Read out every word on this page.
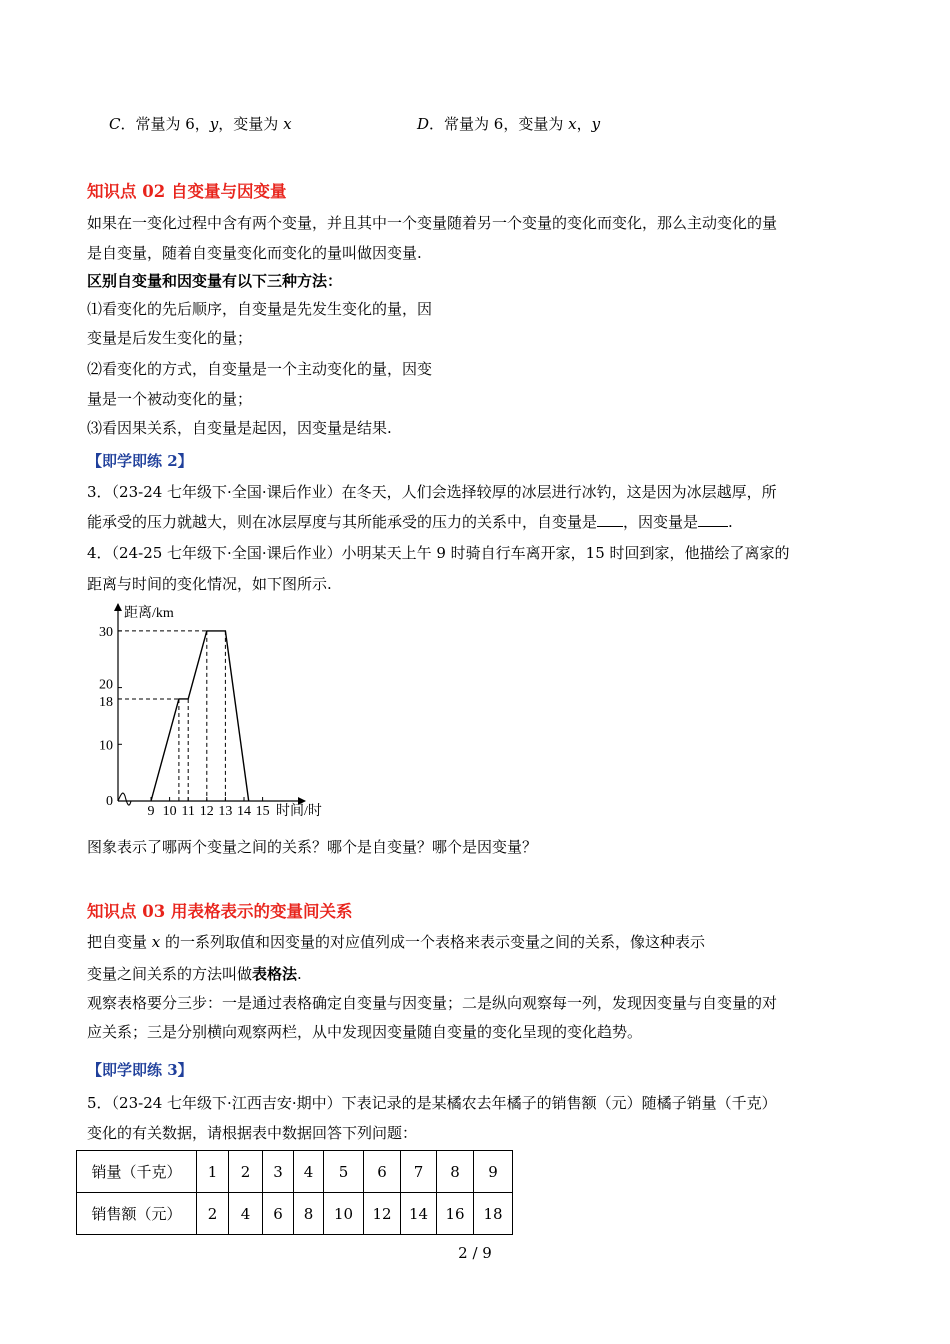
C．常量为 6，y，变量为 x	D．常量为 6，变量为 x，y
知识点 02 自变量与因变量
如果在一变化过程中含有两个变量，并且其中一个变量随着另一个变量的变化而变化，那么主动变化的量
是自变量，随着自变量变化而变化的量叫做因变量.
区别自变量和因变量有以下三种方法：
⑴看变化的先后顺序，自变量是先发生变化的量，因
变量是后发生变化的量；
⑵看变化的方式，自变量是一个主动变化的量，因变
量是一个被动变化的量；
⑶看因果关系，自变量是起因，因变量是结果.
【即学即练 2】
3．（23-24 七年级下·全国·课后作业）在冬天，人们会选择较厚的冰层进行冰钓，这是因为冰层越厚，所
能承受的压力就越大，则在冰层厚度与其所能承受的压力的关系中，自变量是 ，因变量是 .
4．（24-25 七年级下·全国·课后作业）小明某天上午 9 时骑自行车离开家，15 时回到家，他描绘了离家的
距离与时间的变化情况，如下图所示.
距离/km
时间/时
9 10 11 12 13 14 15
0
10
18
20
30
图象表示了哪两个变量之间的关系？哪个是自变量？哪个是因变量？
知识点 03 用表格表示的变量间关系
把自变量 x 的一系列取值和因变量的对应值列成一个表格来表示变量之间的关系，像这种表示
变量之间关系的方法叫做表格法.
观察表格要分三步：一是通过表格确定自变量与因变量；二是纵向观察每一列，发现因变量与自变量的对
应关系；三是分别横向观察两栏，从中发现因变量随自变量的变化呈现的变化趋势。
【即学即练 3】
5．（23-24 七年级下·江西吉安·期中）下表记录的是某橘农去年橘子的销售额（元）随橘子销量（千克）
变化的有关数据，请根据表中数据回答下列问题：
销量（千克）	1	2	3	4	5	6	7	8	9
销售额（元）	2	4	6	8	10	12	14	16	18
2 / 9
